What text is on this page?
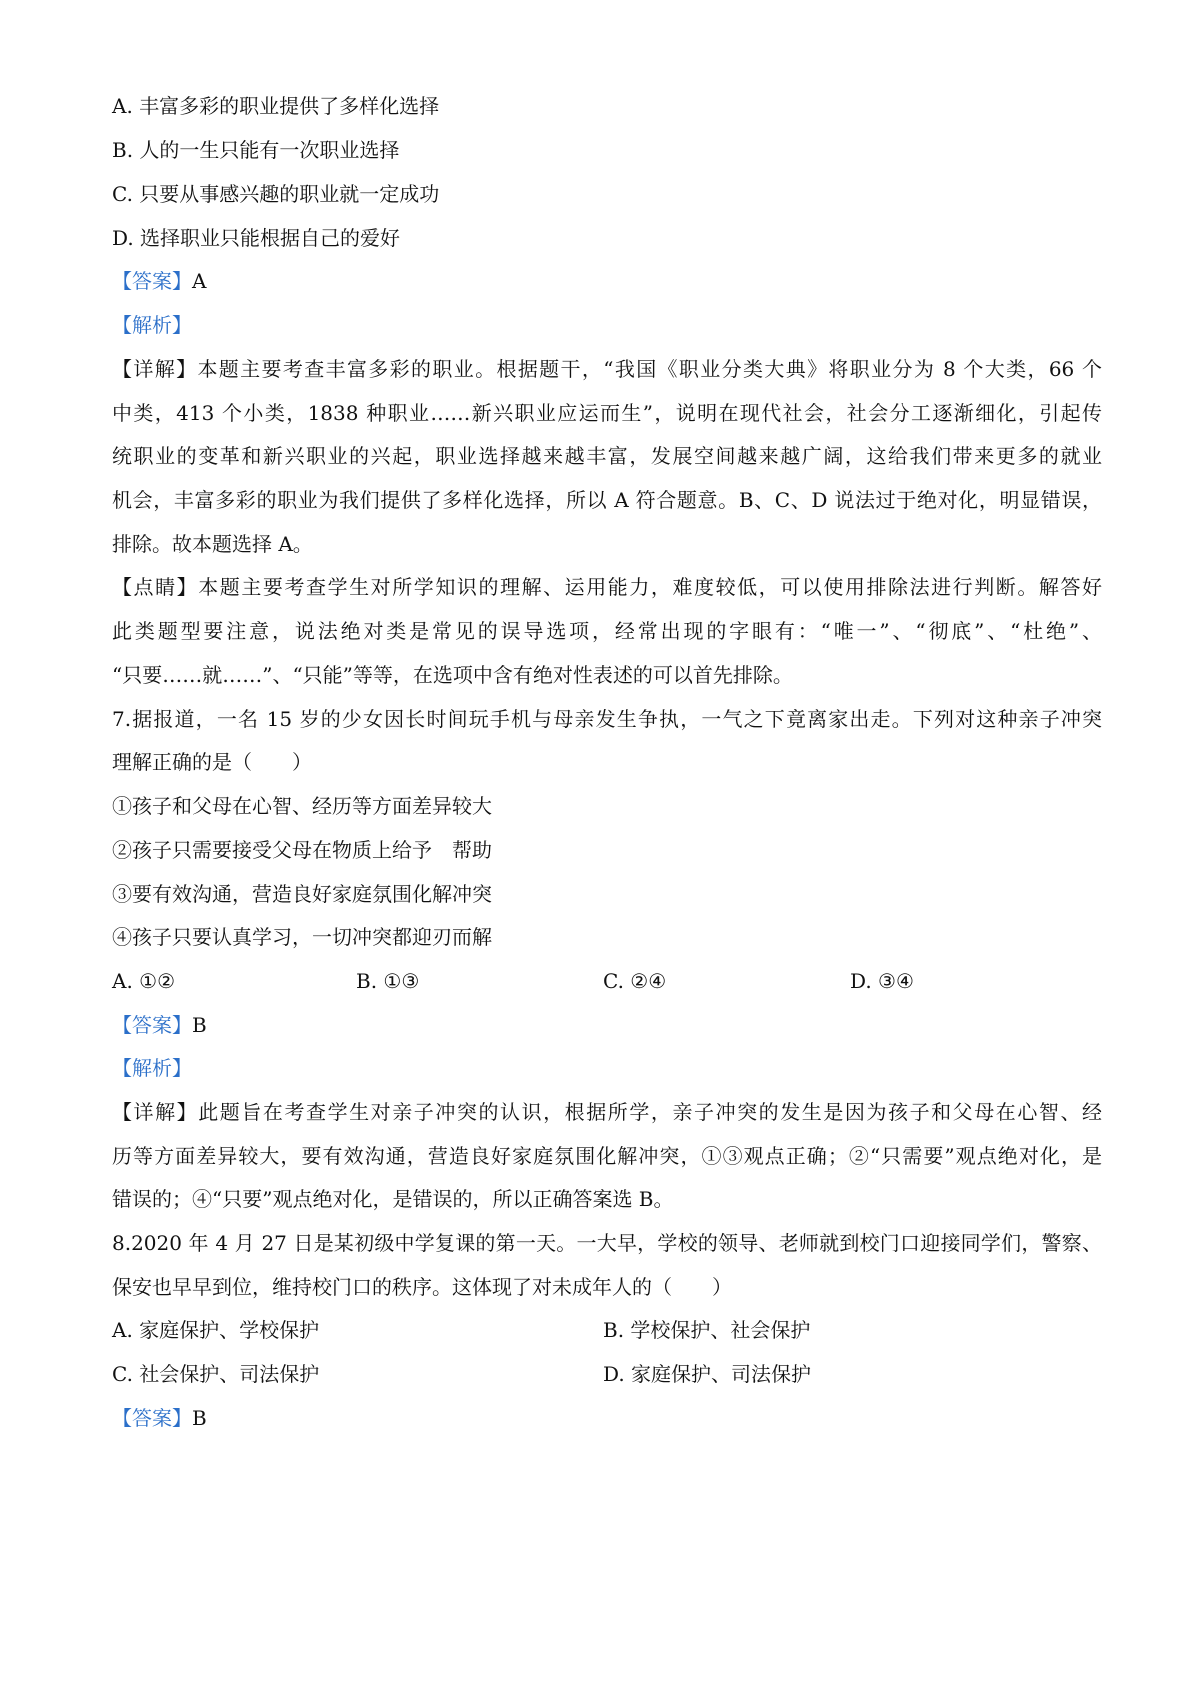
A. 丰富多彩的职业提供了多样化选择
B. 人的一生只能有一次职业选择
C. 只要从事感兴趣的职业就一定成功
D. 选择职业只能根据自己的爱好
【答案】A
【解析】
【详解】本题主要考查丰富多彩的职业。根据题干，“我国《职业分类大典》将职业分为 8 个大类，66 个
中类，413 个小类，1838 种职业……新兴职业应运而生”，说明在现代社会，社会分工逐渐细化，引起传
统职业的变革和新兴职业的兴起，职业选择越来越丰富，发展空间越来越广阔，这给我们带来更多的就业
机会，丰富多彩的职业为我们提供了多样化选择，所以 A 符合题意。B、C、D 说法过于绝对化，明显错误，
排除。故本题选择 A。
【点睛】本题主要考查学生对所学知识的理解、运用能力，难度较低，可以使用排除法进行判断。解答好
此类题型要注意，说法绝对类是常见的误导选项，经常出现的字眼有：“唯一”、“彻底”、“杜绝”、
“只要……就……”、“只能”等等，在选项中含有绝对性表述的可以首先排除。
7.据报道，一名 15 岁的少女因长时间玩手机与母亲发生争执，一气之下竟离家出走。下列对这种亲子冲突
理解正确的是（　　）
①孩子和父母在心智、经历等方面差异较大
②孩子只需要接受父母在物质上给予　帮助
③要有效沟通，营造良好家庭氛围化解冲突
④孩子只要认真学习，一切冲突都迎刃而解
A. ①②	B. ①③	C. ②④	D. ③④
【答案】B
【解析】
【详解】此题旨在考查学生对亲子冲突的认识，根据所学，亲子冲突的发生是因为孩子和父母在心智、经
历等方面差异较大，要有效沟通，营造良好家庭氛围化解冲突，①③观点正确；②“只需要”观点绝对化，是
错误的；④“只要”观点绝对化，是错误的，所以正确答案选 B。
8.2020 年 4 月 27 日是某初级中学复课的第一天。一大早，学校的领导、老师就到校门口迎接同学们，警察、
保安也早早到位，维持校门口的秩序。这体现了对未成年人的（　　）
A. 家庭保护、学校保护	B. 学校保护、社会保护
C. 社会保护、司法保护	D. 家庭保护、司法保护
【答案】B
